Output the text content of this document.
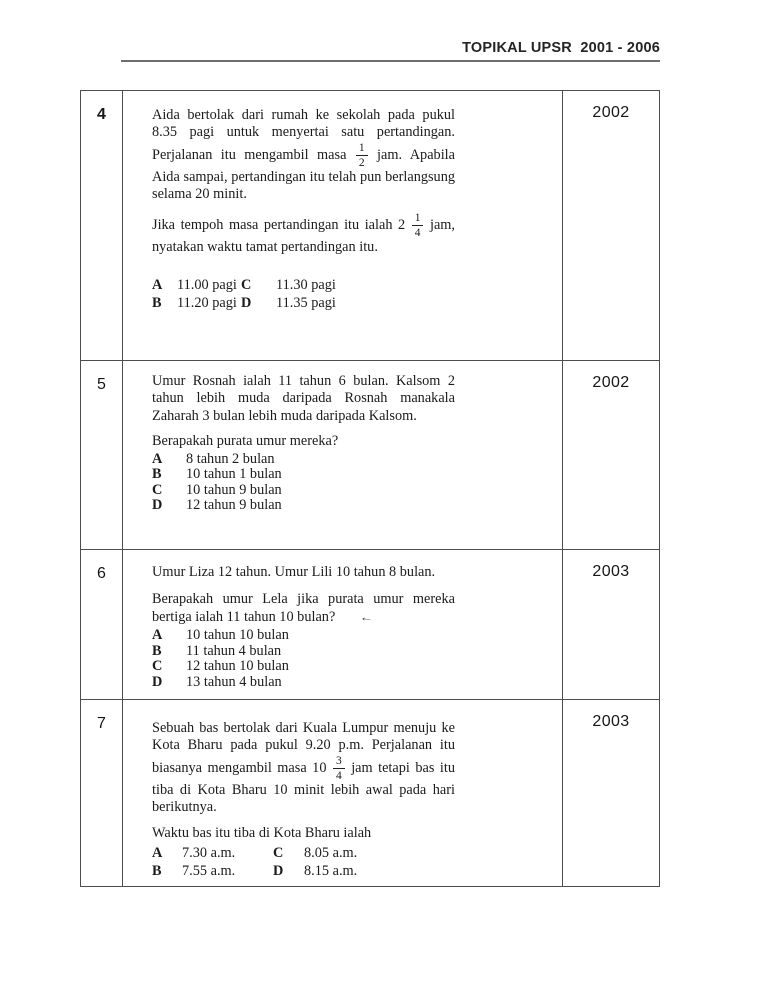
TOPIKAL UPSR  2001 - 2006
4	Aida bertolak dari rumah ke sekolah pada pukul 8.35 pagi untuk menyertai satu pertandingan. Perjalanan itu mengambil masa $\frac{1}{2}$ jam. Apabila Aida sampai, pertandingan itu telah pun berlangsung selama 20 minit.

Jika tempoh masa pertandingan itu ialah $2 \frac{1}{4}$ jam, nyatakan waktu tamat pertandingan itu.

A	11.00 pagi C	11.30 pagi
B	11.20 pagi D	11.35 pagi
2002
5	Umur Rosnah ialah 11 tahun 6 bulan. Kalsom 2 tahun lebih muda daripada Rosnah manakala Zaharah 3 bulan lebih muda daripada Kalsom.

Berapakah purata umur mereka?

A	8 tahun 2 bulan
B	10 tahun 1 bulan
C	10 tahun 9 bulan
D	12 tahun 9 bulan
2002
6	Umur Liza 12 tahun. Umur Lili 10 tahun 8 bulan.

Berapakah umur Lela jika purata umur mereka bertiga ialah 11 tahun 10 bulan? ←

A	10 tahun 10 bulan
B	11 tahun 4 bulan
C	12 tahun 10 bulan
D	13 tahun 4 bulan
2003
7	Sebuah bas bertolak dari Kuala Lumpur menuju ke Kota Bharu pada pukul 9.20 p.m. Perjalanan itu biasanya mengambil masa $10 \frac{3}{4}$ jam tetapi bas itu tiba di Kota Bharu 10 minit lebih awal pada hari berikutnya.

Waktu bas itu tiba di Kota Bharu ialah

A	7.30 a.m.	C	8.05 a.m.
B	7.55 a.m.	D	8.15 a.m.
2003
